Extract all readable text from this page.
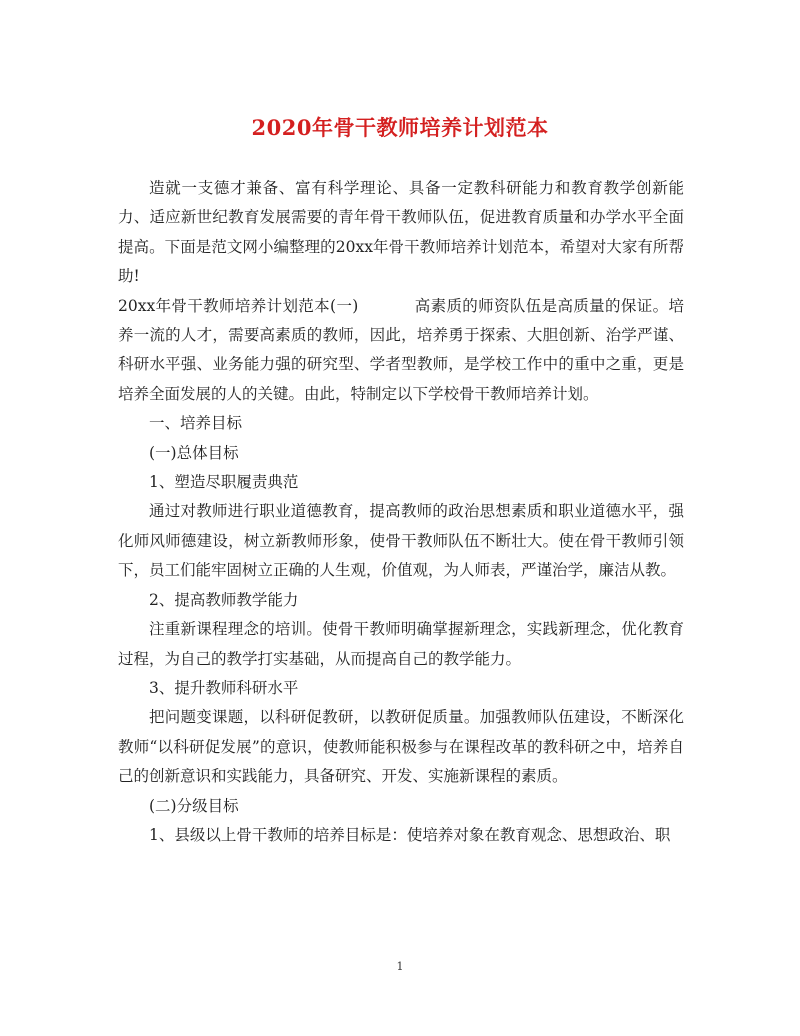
2020年骨干教师培养计划范本

造就一支德才兼备、富有科学理论、具备一定教科研能力和教育教学创新能力、适应新世纪教育发展需要的青年骨干教师队伍，促进教育质量和办学水平全面提高。下面是范文网小编整理的20xx年骨干教师培养计划范本，希望对大家有所帮助!

20xx年骨干教师培养计划范本(一)	高素质的师资队伍是高质量的保证。培养一流的人才，需要高素质的教师，因此，培养勇于探索、大胆创新、治学严谨、科研水平强、业务能力强的研究型、学者型教师，是学校工作中的重中之重，更是培养全面发展的人的关键。由此，特制定以下学校骨干教师培养计划。

一、培养目标

(一)总体目标

1、塑造尽职履责典范

通过对教师进行职业道德教育，提高教师的政治思想素质和职业道德水平，强化师风师德建设，树立新教师形象，使骨干教师队伍不断壮大。使在骨干教师引领下，员工们能牢固树立正确的人生观，价值观，为人师表，严谨治学，廉洁从教。

2、提高教师教学能力

注重新课程理念的培训。使骨干教师明确掌握新理念，实践新理念，优化教育过程，为自己的教学打实基础，从而提高自己的教学能力。

3、提升教师科研水平

把问题变课题，以科研促教研，以教研促质量。加强教师队伍建设，不断深化教师“以科研促发展”的意识，使教师能积极参与在课程改革的教科研之中，培养自己的创新意识和实践能力，具备研究、开发、实施新课程的素质。

(二)分级目标

1、县级以上骨干教师的培养目标是：使培养对象在教育观念、思想政治、职

1
